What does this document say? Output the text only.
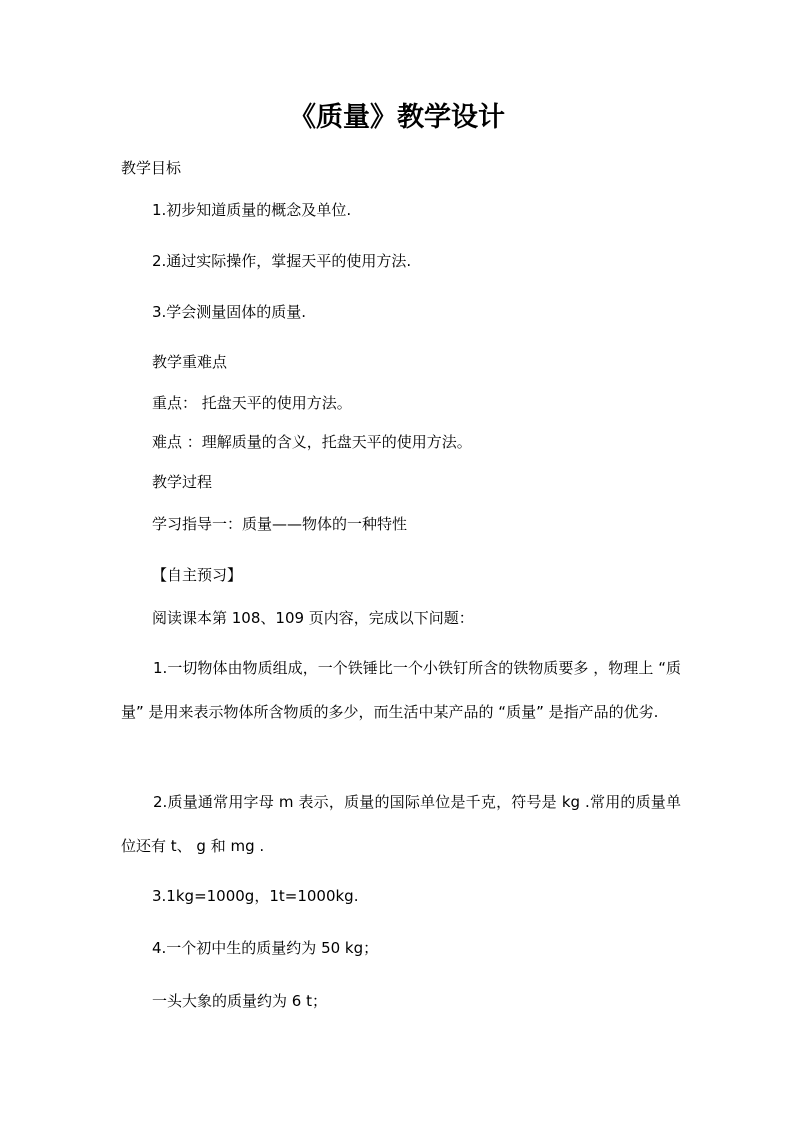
《质量》教学设计

教学目标

1.初步知道质量的概念及单位.

2.通过实际操作，掌握天平的使用方法.

3.学会测量固体的质量.

教学重难点

重点： 托盘天平的使用方法。

难点 ：理解质量的含义，托盘天平的使用方法。

教学过程

学习指导一：质量——物体的一种特性

【自主预习】

阅读课本第 108、109 页内容，完成以下问题：

1.一切物体由物质组成，一个铁锤比一个小铁钉所含的铁物质要多 ，物理上 “质量” 是用来表示物体所含物质的多少，而生活中某产品的 “质量” 是指产品的优劣.

2.质量通常用字母 m 表示，质量的国际单位是千克，符号是 kg .常用的质量单位还有 t、 g 和 mg .

3.1kg=1000g，1t=1000kg.

4.一个初中生的质量约为 50 kg；

一头大象的质量约为 6 t；
